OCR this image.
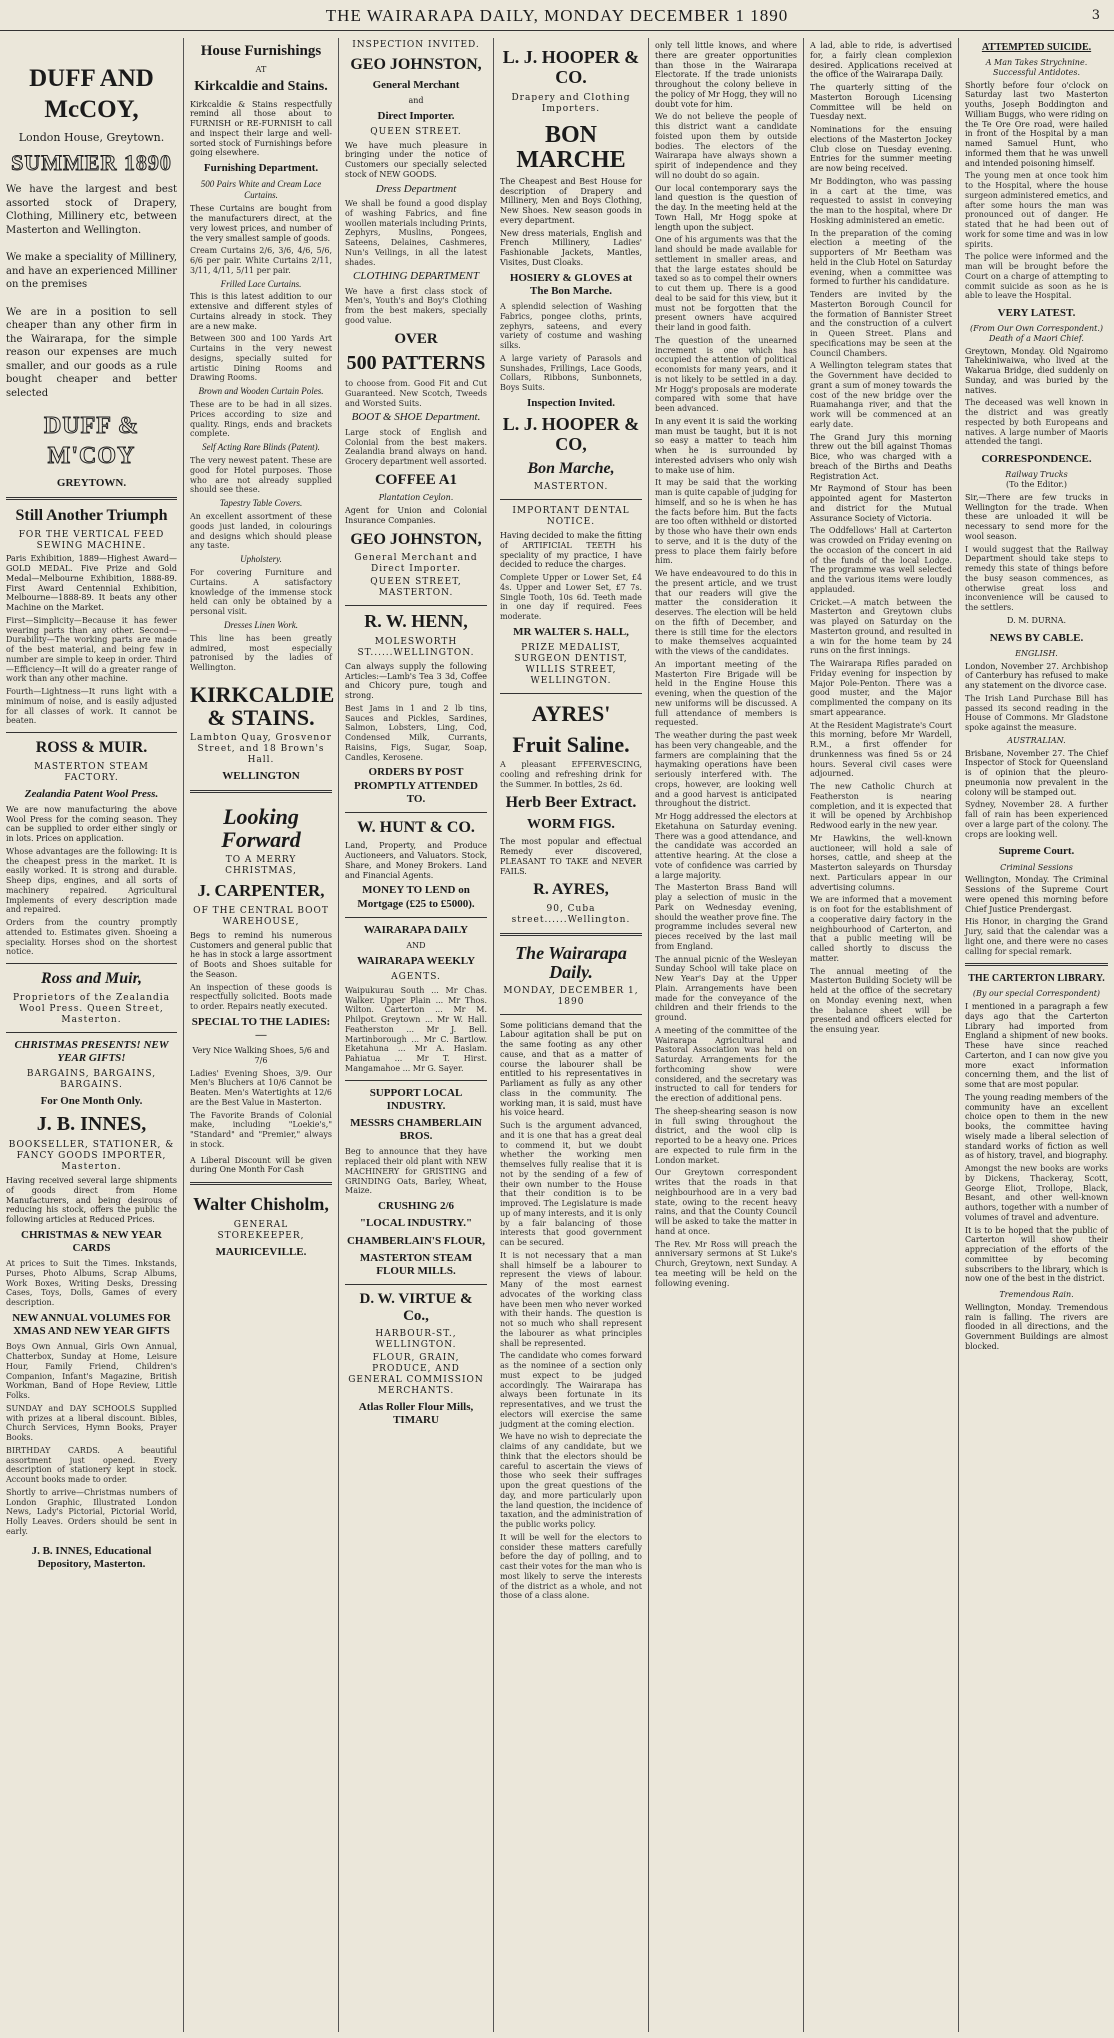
THE WAIRARAPA DAILY, MONDAY DECEMBER 1 1890	3
DUFF AND McCOY,
London House, Greytown.
SUMMER 1890
We have the largest and best assorted stock of Drapery, Clothing, Millinery etc, between Masterton and Wellington.
We make a speciality of Millinery, and have an experienced Milliner on the premises
We are in a position to sell cheaper than any other firm in the Wairarapa, for the simple reason our expenses are much smaller, and our goods as a rule bought cheaper and better selected
DUFF & M'COY
GREYTOWN.
Still Another Triumph
FOR THE VERTICAL FEED SEWING MACHINE.
Paris Exhibition, 1889—Highest Award—GOLD MEDAL. Five Prize and Gold Medal—Melbourne Exhibition, 1888-89. First Award Centennial Exhibition, Melbourne—1888-89. It beats any other Machine on the Market.
First—Simplicity—Because it has fewer wearing parts than any other. Second—Durability—The working parts are made of the best material, and being few in number are simple to keep in order. Third—Efficiency—It will do a greater range of work than any other machine.
Fourth—Lightness—It runs light with a minimum of noise, and is easily adjusted for all classes of work. It cannot be beaten.
ROSS & MUIR.
MASTERTON STEAM FACTORY.
Zealandia Patent Wool Press.
We are now manufacturing the above Wool Press for the coming season. They can be supplied to order either singly or in lots. Prices on application.
Whose advantages are the following: It is the cheapest press in the market. It is easily worked. It is strong and durable. Sheep dips, engines, and all sorts of machinery repaired. Agricultural Implements of every description made and repaired.
Orders from the country promptly attended to. Estimates given. Shoeing a speciality. Horses shod on the shortest notice.
Ross and Muir,
Proprietors of the Zealandia Wool Press. Queen Street, Masterton.
CHRISTMAS PRESENTS! NEW YEAR GIFTS!
BARGAINS, BARGAINS, BARGAINS.
For One Month Only.
J. B. INNES,
BOOKSELLER, STATIONER, & FANCY GOODS IMPORTER, Masterton.
Having received several large shipments of goods direct from Home Manufacturers, and being desirous of reducing his stock, offers the public the following articles at Reduced Prices.
CHRISTMAS & NEW YEAR CARDS
At prices to Suit the Times. Inkstands, Purses, Photo Albums, Scrap Albums, Work Boxes, Writing Desks, Dressing Cases, Toys, Dolls, Games of every description.
NEW ANNUAL VOLUMES FOR XMAS AND NEW YEAR GIFTS
Boys Own Annual, Girls Own Annual, Chatterbox, Sunday at Home, Leisure Hour, Family Friend, Children's Companion, Infant's Magazine, British Workman, Band of Hope Review, Little Folks.
SUNDAY and DAY SCHOOLS Supplied with prizes at a liberal discount. Bibles, Church Services, Hymn Books, Prayer Books.
BIRTHDAY CARDS. A beautiful assortment just opened. Every description of stationery kept in stock. Account books made to order.
Shortly to arrive—Christmas numbers of London Graphic, Illustrated London News, Lady's Pictorial, Pictorial World, Holly Leaves. Orders should be sent in early.
J. B. INNES, Educational Depository, Masterton.
House Furnishings
AT
Kirkcaldie and Stains.
Kirkcaldie & Stains respectfully remind all those about to FURNISH or RE-FURNISH to call and inspect their large and well-sorted stock of Furnishings before going elsewhere.
Furnishing Department.
500 Pairs White and Cream Lace Curtains.
These Curtains are bought from the manufacturers direct, at the very lowest prices, and number of the very smallest sample of goods.
Cream Curtains 2/6, 3/6, 4/6, 5/6, 6/6 per pair. White Curtains 2/11, 3/11, 4/11, 5/11 per pair.
Frilled Lace Curtains.
This is this latest addition to our extensive and different styles of Curtains already in stock. They are a new make.
Between 300 and 100 Yards Art Curtains in the very newest designs, specially suited for artistic Dining Rooms and Drawing Rooms.
Brown and Wooden Curtain Poles.
These are to be had in all sizes. Prices according to size and quality. Rings, ends and brackets complete.
Self Acting Rare Blinds (Patent).
The very newest patent. These are good for Hotel purposes. Those who are not already supplied should see these.
Tapestry Table Covers.
An excellent assortment of these goods just landed, in colourings and designs which should please any taste.
Upholstery.
For covering Furniture and Curtains. A satisfactory knowledge of the immense stock held can only be obtained by a personal visit.
Dresses Linen Work.
This line has been greatly admired, most especially patronised by the ladies of Wellington.
KIRKCALDIE & STAINS.
Lambton Quay, Grosvenor Street, and 18 Brown's Hall.
WELLINGTON
Looking Forward
TO A MERRY CHRISTMAS,
J. CARPENTER,
OF THE CENTRAL BOOT WAREHOUSE,
Begs to remind his numerous Customers and general public that he has in stock a large assortment of Boots and Shoes suitable for the Season.
An inspection of these goods is respectfully solicited. Boots made to order. Repairs neatly executed.
SPECIAL TO THE LADIES:—
Very Nice Walking Shoes, 5/6 and 7/6
Ladies' Evening Shoes, 3/9. Our Men's Bluchers at 10/6 Cannot be Beaten. Men's Watertights at 12/6 are the Best Value in Masterton.
The Favorite Brands of Colonial make, including "Loekie's," "Standard" and "Premier," always in stock.
A Liberal Discount will be given during One Month For Cash
Walter Chisholm,
GENERAL STOREKEEPER,
MAURICEVILLE.
INSPECTION INVITED.
GEO JOHNSTON,
General Merchant
and
Direct Importer.
QUEEN STREET.
We have much pleasure in bringing under the notice of Customers our specially selected stock of NEW GOODS.
Dress Department
We shall be found a good display of washing Fabrics, and fine woollen materials including Prints, Zephyrs, Muslins, Pongees, Sateens, Delaines, Cashmeres, Nun's Veilings, in all the latest shades.
CLOTHING DEPARTMENT
We have a first class stock of Men's, Youth's and Boy's Clothing from the best makers, specially good value.
OVER
500 PATTERNS
to choose from. Good Fit and Cut Guaranteed. New Scotch, Tweeds and Worsted Suits.
BOOT & SHOE Department.
Large stock of English and Colonial from the best makers. Zealandia brand always on hand. Grocery department well assorted.
COFFEE A1
Plantation Ceylon.
Agent for Union and Colonial Insurance Companies.
GEO JOHNSTON,
General Merchant and Direct Importer.
QUEEN STREET, MASTERTON.
R. W. HENN,
MOLESWORTH ST......WELLINGTON.
Can always supply the following Articles:—Lamb's Tea 3 3d, Coffee and Chicory pure, tough and strong.
Best Jams in 1 and 2 lb tins, Sauces and Pickles, Sardines, Salmon, Lobsters, Ling, Cod, Condensed Milk, Currants, Raisins, Figs, Sugar, Soap, Candles, Kerosene.
ORDERS BY POST PROMPTLY ATTENDED TO.
W. HUNT & CO.
Land, Property, and Produce Auctioneers, and Valuators. Stock, Share, and Money Brokers. Land and Financial Agents.
MONEY TO LEND on Mortgage (£25 to £5000).
WAIRARAPA DAILY
AND
WAIRARAPA WEEKLY
AGENTS.
Waipukurau South ... Mr Chas. Walker. Upper Plain ... Mr Thos. Wilton. Carterton ... Mr M. Philpot. Greytown ... Mr W. Hall. Featherston ... Mr J. Bell. Martinborough ... Mr C. Bartlow. Eketahuna ... Mr A. Haslam. Pahiatua ... Mr T. Hirst. Mangamahoe ... Mr G. Sayer.
SUPPORT LOCAL INDUSTRY.
MESSRS CHAMBERLAIN BROS.
Beg to announce that they have replaced their old plant with NEW MACHINERY for GRISTING and GRINDING Oats, Barley, Wheat, Maize.
CRUSHING 2/6
"LOCAL INDUSTRY."
CHAMBERLAIN'S FLOUR,
MASTERTON STEAM FLOUR MILLS.
D. W. VIRTUE & Co.,
HARBOUR-ST., WELLINGTON.
FLOUR, GRAIN, PRODUCE, AND GENERAL COMMISSION MERCHANTS.
Atlas Roller Flour Mills, TIMARU
L. J. HOOPER & CO.
Drapery and Clothing Importers.
BON MARCHE
The Cheapest and Best House for description of Drapery and Millinery, Men and Boys Clothing, New Shoes. New season goods in every department.
New dress materials, English and French Millinery, Ladies' Fashionable Jackets, Mantles, Visites, Dust Cloaks.
HOSIERY & GLOVES at The Bon Marche.
A splendid selection of Washing Fabrics, pongee cloths, prints, zephyrs, sateens, and every variety of costume and washing silks.
A large variety of Parasols and Sunshades, Frillings, Lace Goods, Collars, Ribbons, Sunbonnets, Boys Suits.
Inspection Invited.
L. J. HOOPER & CO,
Bon Marche,
MASTERTON.
IMPORTANT DENTAL NOTICE.
Having decided to make the fitting of ARTIFICIAL TEETH his speciality of my practice, I have decided to reduce the charges.
Complete Upper or Lower Set, £4 4s. Upper and Lower Set, £7 7s. Single Tooth, 10s 6d. Teeth made in one day if required. Fees moderate.
MR WALTER S. HALL,
PRIZE MEDALIST, SURGEON DENTIST, WILLIS STREET, WELLINGTON.
AYRES'
Fruit Saline.
A pleasant EFFERVESCING, cooling and refreshing drink for the Summer. In bottles, 2s 6d.
Herb Beer Extract.
WORM FIGS.
The most popular and effectual Remedy ever discovered, PLEASANT TO TAKE and NEVER FAILS.
R. AYRES,
90, Cuba street......Wellington.
The Wairarapa Daily.
MONDAY, DECEMBER 1, 1890
Some politicians demand that the Labour agitation shall be put on the same footing as any other cause, and that as a matter of course the labourer shall be entitled to his representatives in Parliament as fully as any other class in the community. The working man, it is said, must have his voice heard.
Such is the argument advanced, and it is one that has a great deal to commend it, but we doubt whether the working men themselves fully realise that it is not by the sending of a few of their own number to the House that their condition is to be improved. The Legislature is made up of many interests, and it is only by a fair balancing of those interests that good government can be secured.
It is not necessary that a man shall himself be a labourer to represent the views of labour. Many of the most earnest advocates of the working class have been men who never worked with their hands. The question is not so much who shall represent the labourer as what principles shall be represented.
The candidate who comes forward as the nominee of a section only must expect to be judged accordingly. The Wairarapa has always been fortunate in its representatives, and we trust the electors will exercise the same judgment at the coming election.
We have no wish to depreciate the claims of any candidate, but we think that the electors should be careful to ascertain the views of those who seek their suffrages upon the great questions of the day, and more particularly upon the land question, the incidence of taxation, and the administration of the public works policy.
It will be well for the electors to consider these matters carefully before the day of polling, and to cast their votes for the man who is most likely to serve the interests of the district as a whole, and not those of a class alone.
only tell little knows, and where there are greater opportunities than those in the Wairarapa Electorate. If the trade unionists throughout the colony believe in the policy of Mr Hogg, they will no doubt vote for him.
We do not believe the people of this district want a candidate foisted upon them by outside bodies. The electors of the Wairarapa have always shown a spirit of independence and they will no doubt do so again.
Our local contemporary says the land question is the question of the day. In the meeting held at the Town Hall, Mr Hogg spoke at length upon the subject.
One of his arguments was that the land should be made available for settlement in smaller areas, and that the large estates should be taxed so as to compel their owners to cut them up. There is a good deal to be said for this view, but it must not be forgotten that the present owners have acquired their land in good faith.
The question of the unearned increment is one which has occupied the attention of political economists for many years, and it is not likely to be settled in a day. Mr Hogg's proposals are moderate compared with some that have been advanced.
In any event it is said the working man must be taught, but it is not so easy a matter to teach him when he is surrounded by interested advisers who only wish to make use of him.
It may be said that the working man is quite capable of judging for himself, and so he is when he has the facts before him. But the facts are too often withheld or distorted by those who have their own ends to serve, and it is the duty of the press to place them fairly before him.
We have endeavoured to do this in the present article, and we trust that our readers will give the matter the consideration it deserves. The election will be held on the fifth of December, and there is still time for the electors to make themselves acquainted with the views of the candidates.
An important meeting of the Masterton Fire Brigade will be held in the Engine House this evening, when the question of the new uniforms will be discussed. A full attendance of members is requested.
The weather during the past week has been very changeable, and the farmers are complaining that the haymaking operations have been seriously interfered with. The crops, however, are looking well and a good harvest is anticipated throughout the district.
Mr Hogg addressed the electors at Eketahuna on Saturday evening. There was a good attendance, and the candidate was accorded an attentive hearing. At the close a vote of confidence was carried by a large majority.
The Masterton Brass Band will play a selection of music in the Park on Wednesday evening, should the weather prove fine. The programme includes several new pieces received by the last mail from England.
The annual picnic of the Wesleyan Sunday School will take place on New Year's Day at the Upper Plain. Arrangements have been made for the conveyance of the children and their friends to the ground.
A meeting of the committee of the Wairarapa Agricultural and Pastoral Association was held on Saturday. Arrangements for the forthcoming show were considered, and the secretary was instructed to call for tenders for the erection of additional pens.
The sheep-shearing season is now in full swing throughout the district, and the wool clip is reported to be a heavy one. Prices are expected to rule firm in the London market.
Our Greytown correspondent writes that the roads in that neighbourhood are in a very bad state, owing to the recent heavy rains, and that the County Council will be asked to take the matter in hand at once.
The Rev. Mr Ross will preach the anniversary sermons at St Luke's Church, Greytown, next Sunday. A tea meeting will be held on the following evening.
A lad, able to ride, is advertised for, a fairly clean complexion desired. Applications received at the office of the Wairarapa Daily.
The quarterly sitting of the Masterton Borough Licensing Committee will be held on Tuesday next.
Nominations for the ensuing elections of the Masterton Jockey Club close on Tuesday evening. Entries for the summer meeting are now being received.
Mr Boddington, who was passing in a cart at the time, was requested to assist in conveying the man to the hospital, where Dr Hosking administered an emetic.
In the preparation of the coming election a meeting of the supporters of Mr Beetham was held in the Club Hotel on Saturday evening, when a committee was formed to further his candidature.
Tenders are invited by the Masterton Borough Council for the formation of Bannister Street and the construction of a culvert in Queen Street. Plans and specifications may be seen at the Council Chambers.
A Wellington telegram states that the Government have decided to grant a sum of money towards the cost of the new bridge over the Ruamahanga river, and that the work will be commenced at an early date.
The Grand Jury this morning threw out the bill against Thomas Bice, who was charged with a breach of the Births and Deaths Registration Act.
Mr Raymond of Stour has been appointed agent for Masterton and district for the Mutual Assurance Society of Victoria.
The Oddfellows' Hall at Carterton was crowded on Friday evening on the occasion of the concert in aid of the funds of the local Lodge. The programme was well selected and the various items were loudly applauded.
Cricket.—A match between the Masterton and Greytown clubs was played on Saturday on the Masterton ground, and resulted in a win for the home team by 24 runs on the first innings.
The Wairarapa Rifles paraded on Friday evening for inspection by Major Pole-Penton. There was a good muster, and the Major complimented the company on its smart appearance.
At the Resident Magistrate's Court this morning, before Mr Wardell, R.M., a first offender for drunkenness was fined 5s or 24 hours. Several civil cases were adjourned.
The new Catholic Church at Featherston is nearing completion, and it is expected that it will be opened by Archbishop Redwood early in the new year.
Mr Hawkins, the well-known auctioneer, will hold a sale of horses, cattle, and sheep at the Masterton saleyards on Thursday next. Particulars appear in our advertising columns.
We are informed that a movement is on foot for the establishment of a cooperative dairy factory in the neighbourhood of Carterton, and that a public meeting will be called shortly to discuss the matter.
The annual meeting of the Masterton Building Society will be held at the office of the secretary on Monday evening next, when the balance sheet will be presented and officers elected for the ensuing year.
ATTEMPTED SUICIDE.
A Man Takes Strychnine.
Successful Antidotes.
Shortly before four o'clock on Saturday last two Masterton youths, Joseph Boddington and William Buggs, who were riding on the Te Ore Ore road, were hailed in front of the Hospital by a man named Samuel Hunt, who informed them that he was unwell and intended poisoning himself.
The young men at once took him to the Hospital, where the house surgeon administered emetics, and after some hours the man was pronounced out of danger. He stated that he had been out of work for some time and was in low spirits.
The police were informed and the man will be brought before the Court on a charge of attempting to commit suicide as soon as he is able to leave the Hospital.
VERY LATEST.
(From Our Own Correspondent.)
Death of a Maori Chief.
Greytown, Monday. Old Ngairomo Tahekiniwaiwa, who lived at the Wakarua Bridge, died suddenly on Sunday, and was buried by the natives.
The deceased was well known in the district and was greatly respected by both Europeans and natives. A large number of Maoris attended the tangi.
CORRESPONDENCE.
Railway Trucks
(To the Editor.)
Sir,—There are few trucks in Wellington for the trade. When these are unloaded it will be necessary to send more for the wool season.
I would suggest that the Railway Department should take steps to remedy this state of things before the busy season commences, as otherwise great loss and inconvenience will be caused to the settlers.
D. M. DURNA.
NEWS BY CABLE.
ENGLISH.
London, November 27. Archbishop of Canterbury has refused to make any statement on the divorce case.
The Irish Land Purchase Bill has passed its second reading in the House of Commons. Mr Gladstone spoke against the measure.
AUSTRALIAN.
Brisbane, November 27. The Chief Inspector of Stock for Queensland is of opinion that the pleuro-pneumonia now prevalent in the colony will be stamped out.
Sydney, November 28. A further fall of rain has been experienced over a large part of the colony. The crops are looking well.
Supreme Court.
Criminal Sessions
Wellington, Monday. The Criminal Sessions of the Supreme Court were opened this morning before Chief Justice Prendergast.
His Honor, in charging the Grand Jury, said that the calendar was a light one, and there were no cases calling for special remark.
THE CARTERTON LIBRARY.
(By our special Correspondent)
I mentioned in a paragraph a few days ago that the Carterton Library had imported from England a shipment of new books. These have since reached Carterton, and I can now give you more exact information concerning them, and the list of some that are most popular.
The young reading members of the community have an excellent choice open to them in the new books, the committee having wisely made a liberal selection of standard works of fiction as well as of history, travel, and biography.
Amongst the new books are works by Dickens, Thackeray, Scott, George Eliot, Trollope, Black, Besant, and other well-known authors, together with a number of volumes of travel and adventure.
It is to be hoped that the public of Carterton will show their appreciation of the efforts of the committee by becoming subscribers to the library, which is now one of the best in the district.
Tremendous Rain.
Wellington, Monday. Tremendous rain is falling. The rivers are flooded in all directions, and the Government Buildings are almost blocked.
